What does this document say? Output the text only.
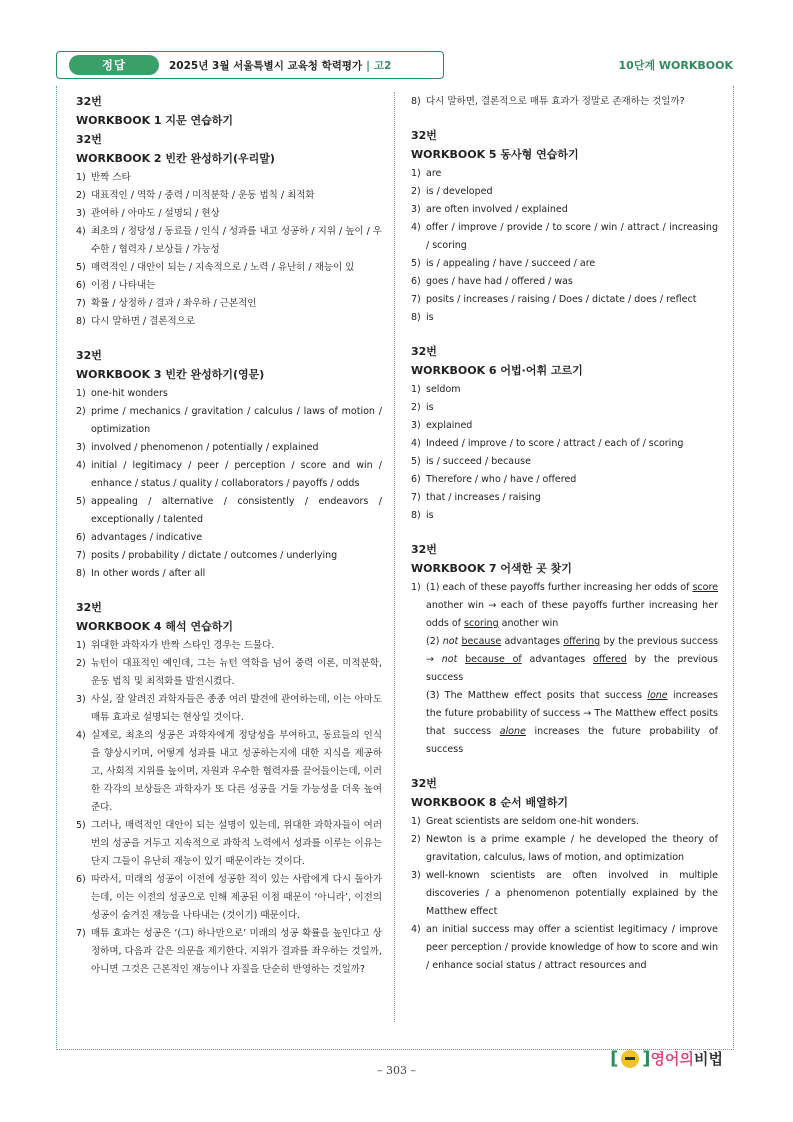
정답	2025년 3월 서울특별시 교육청 학력평가 | 고2	10단계 WORKBOOK
32번
WORKBOOK 1 지문 연습하기
32번
WORKBOOK 2 빈칸 완성하기(우리말)
1) 반짝 스타
2) 대표적인 / 역학 / 중력 / 미적분학 / 운동 법칙 / 최적화
3) 관여하 / 아마도 / 설명되 / 현상
4) 최초의 / 정당성 / 동료들 / 인식 / 성과를 내고 성공하 / 지위 / 높이 / 우수한 / 협력자 / 보상들 / 가능성
5) 매력적인 / 대안이 되는 / 지속적으로 / 노력 / 유난히 / 재능이 있
6) 이점 / 나타내는
7) 확률 / 상정하 / 결과 / 좌우하 / 근본적인
8) 다시 말하면 / 결론적으로
32번
WORKBOOK 3 빈칸 완성하기(영문)
1) one-hit wonders
2) prime / mechanics / gravitation / calculus / laws of motion / optimization
3) involved / phenomenon / potentially / explained
4) initial / legitimacy / peer / perception / score and win / enhance / status / quality / collaborators / payoffs / odds
5) appealing / alternative / consistently / endeavors / exceptionally / talented
6) advantages / indicative
7) posits / probability / dictate / outcomes / underlying
8) In other words / after all
32번
WORKBOOK 4 해석 연습하기
1) 위대한 과학자가 반짝 스타인 경우는 드물다.
2) 뉴턴이 대표적인 예인데, 그는 뉴턴 역학을 넘어 중력 이론, 미적분학, 운동 법칙 및 최적화를 발전시켰다.
3) 사실, 잘 알려진 과학자들은 종종 여러 발견에 관여하는데, 이는 아마도 매튜 효과로 설명되는 현상일 것이다.
4) 실제로, 최초의 성공은 과학자에게 정당성을 부여하고, 동료들의 인식을 향상시키며, 어떻게 성과를 내고 성공하는지에 대한 지식을 제공하고, 사회적 지위를 높이며, 자원과 우수한 협력자를 끌어들이는데, 이러한 각각의 보상들은 과학자가 또 다른 성공을 거둘 가능성을 더욱 높여 준다.
5) 그러나, 매력적인 대안이 되는 설명이 있는데, 위대한 과학자들이 여러 번의 성공을 거두고 지속적으로 과학적 노력에서 성과를 이루는 이유는 단지 그들이 유난히 재능이 있기 때문이라는 것이다.
6) 따라서, 미래의 성공이 이전에 성공한 적이 있는 사람에게 다시 돌아가는데, 이는 이전의 성공으로 인해 제공된 이점 때문이 ‘아니라’, 이전의 성공이 숨겨진 재능을 나타내는 (것이기) 때문이다.
7) 매튜 효과는 성공은 ‘(그) 하나만으로’ 미래의 성공 확률을 높인다고 상정하며, 다음과 같은 의문을 제기한다. 지위가 결과를 좌우하는 것일까, 아니면 그것은 근본적인 재능이나 자질을 단순히 반영하는 것일까?
8) 다시 말하면, 결론적으로 매튜 효과가 정말로 존재하는 것일까?
32번
WORKBOOK 5 동사형 연습하기
1) are
2) is / developed
3) are often involved / explained
4) offer / improve / provide / to score / win / attract / increasing / scoring
5) is / appealing / have / succeed / are
6) goes / have had / offered / was
7) posits / increases / raising / Does / dictate / does / reflect
8) is
32번
WORKBOOK 6 어법·어휘 고르기
1) seldom
2) is
3) explained
4) Indeed / improve / to score / attract / each of / scoring
5) is / succeed / because
6) Therefore / who / have / offered
7) that / increases / raising
8) is
32번
WORKBOOK 7 어색한 곳 찾기
1) (1) each of these payoffs further increasing her odds of score another win → each of these payoffs further increasing her odds of scoring another win
(2) not because advantages offering by the previous success → not because of advantages offered by the previous success
(3) The Matthew effect posits that success lone increases the future probability of success → The Matthew effect posits that success alone increases the future probability of success
32번
WORKBOOK 8 순서 배열하기
1) Great scientists are seldom one-hit wonders.
2) Newton is a prime example / he developed the theory of gravitation, calculus, laws of motion, and optimization
3) well-known scientists are often involved in multiple discoveries / a phenomenon potentially explained by the Matthew effect
4) an initial success may offer a scientist legitimacy / improve peer perception / provide knowledge of how to score and win / enhance social status / attract resources and
– 303 –
[ ] 영어의 비법
